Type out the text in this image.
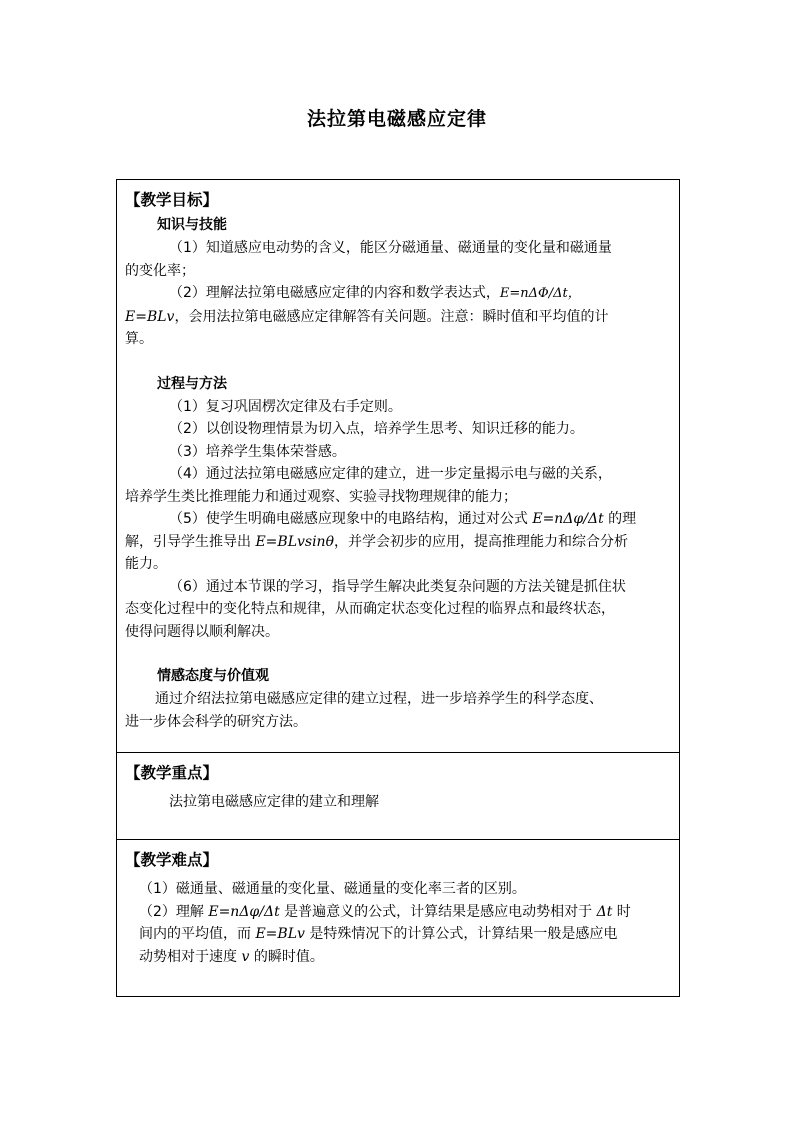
法拉第电磁感应定律
【教学目标】
知识与技能
（1）知道感应电动势的含义，能区分磁通量、磁通量的变化量和磁通量
的变化率；
（2）理解法拉第电磁感应定律的内容和数学表达式，E=nΔΦ/Δt，
E=BLv，会用法拉第电磁感应定律解答有关问题。注意：瞬时值和平均值的计
算。
过程与方法
（1）复习巩固楞次定律及右手定则。
（2）以创设物理情景为切入点，培养学生思考、知识迁移的能力。
（3）培养学生集体荣誉感。
（4）通过法拉第电磁感应定律的建立，进一步定量揭示电与磁的关系，
培养学生类比推理能力和通过观察、实验寻找物理规律的能力；
（5）使学生明确电磁感应现象中的电路结构，通过对公式 E=nΔφ/Δt 的理
解，引导学生推导出 E=BLvsinθ，并学会初步的应用，提高推理能力和综合分析
能力。
（6）通过本节课的学习，指导学生解决此类复杂问题的方法关键是抓住状
态变化过程中的变化特点和规律，从而确定状态变化过程的临界点和最终状态，
使得问题得以顺利解决。
情感态度与价值观
通过介绍法拉第电磁感应定律的建立过程，进一步培养学生的科学态度、
进一步体会科学的研究方法。

【教学重点】
法拉第电磁感应定律的建立和理解

【教学难点】
（1）磁通量、磁通量的变化量、磁通量的变化率三者的区别。
（2）理解 E=nΔφ/Δt 是普遍意义的公式，计算结果是感应电动势相对于 Δt 时
间内的平均值，而 E=BLv 是特殊情况下的计算公式，计算结果一般是感应电
动势相对于速度 v 的瞬时值。
